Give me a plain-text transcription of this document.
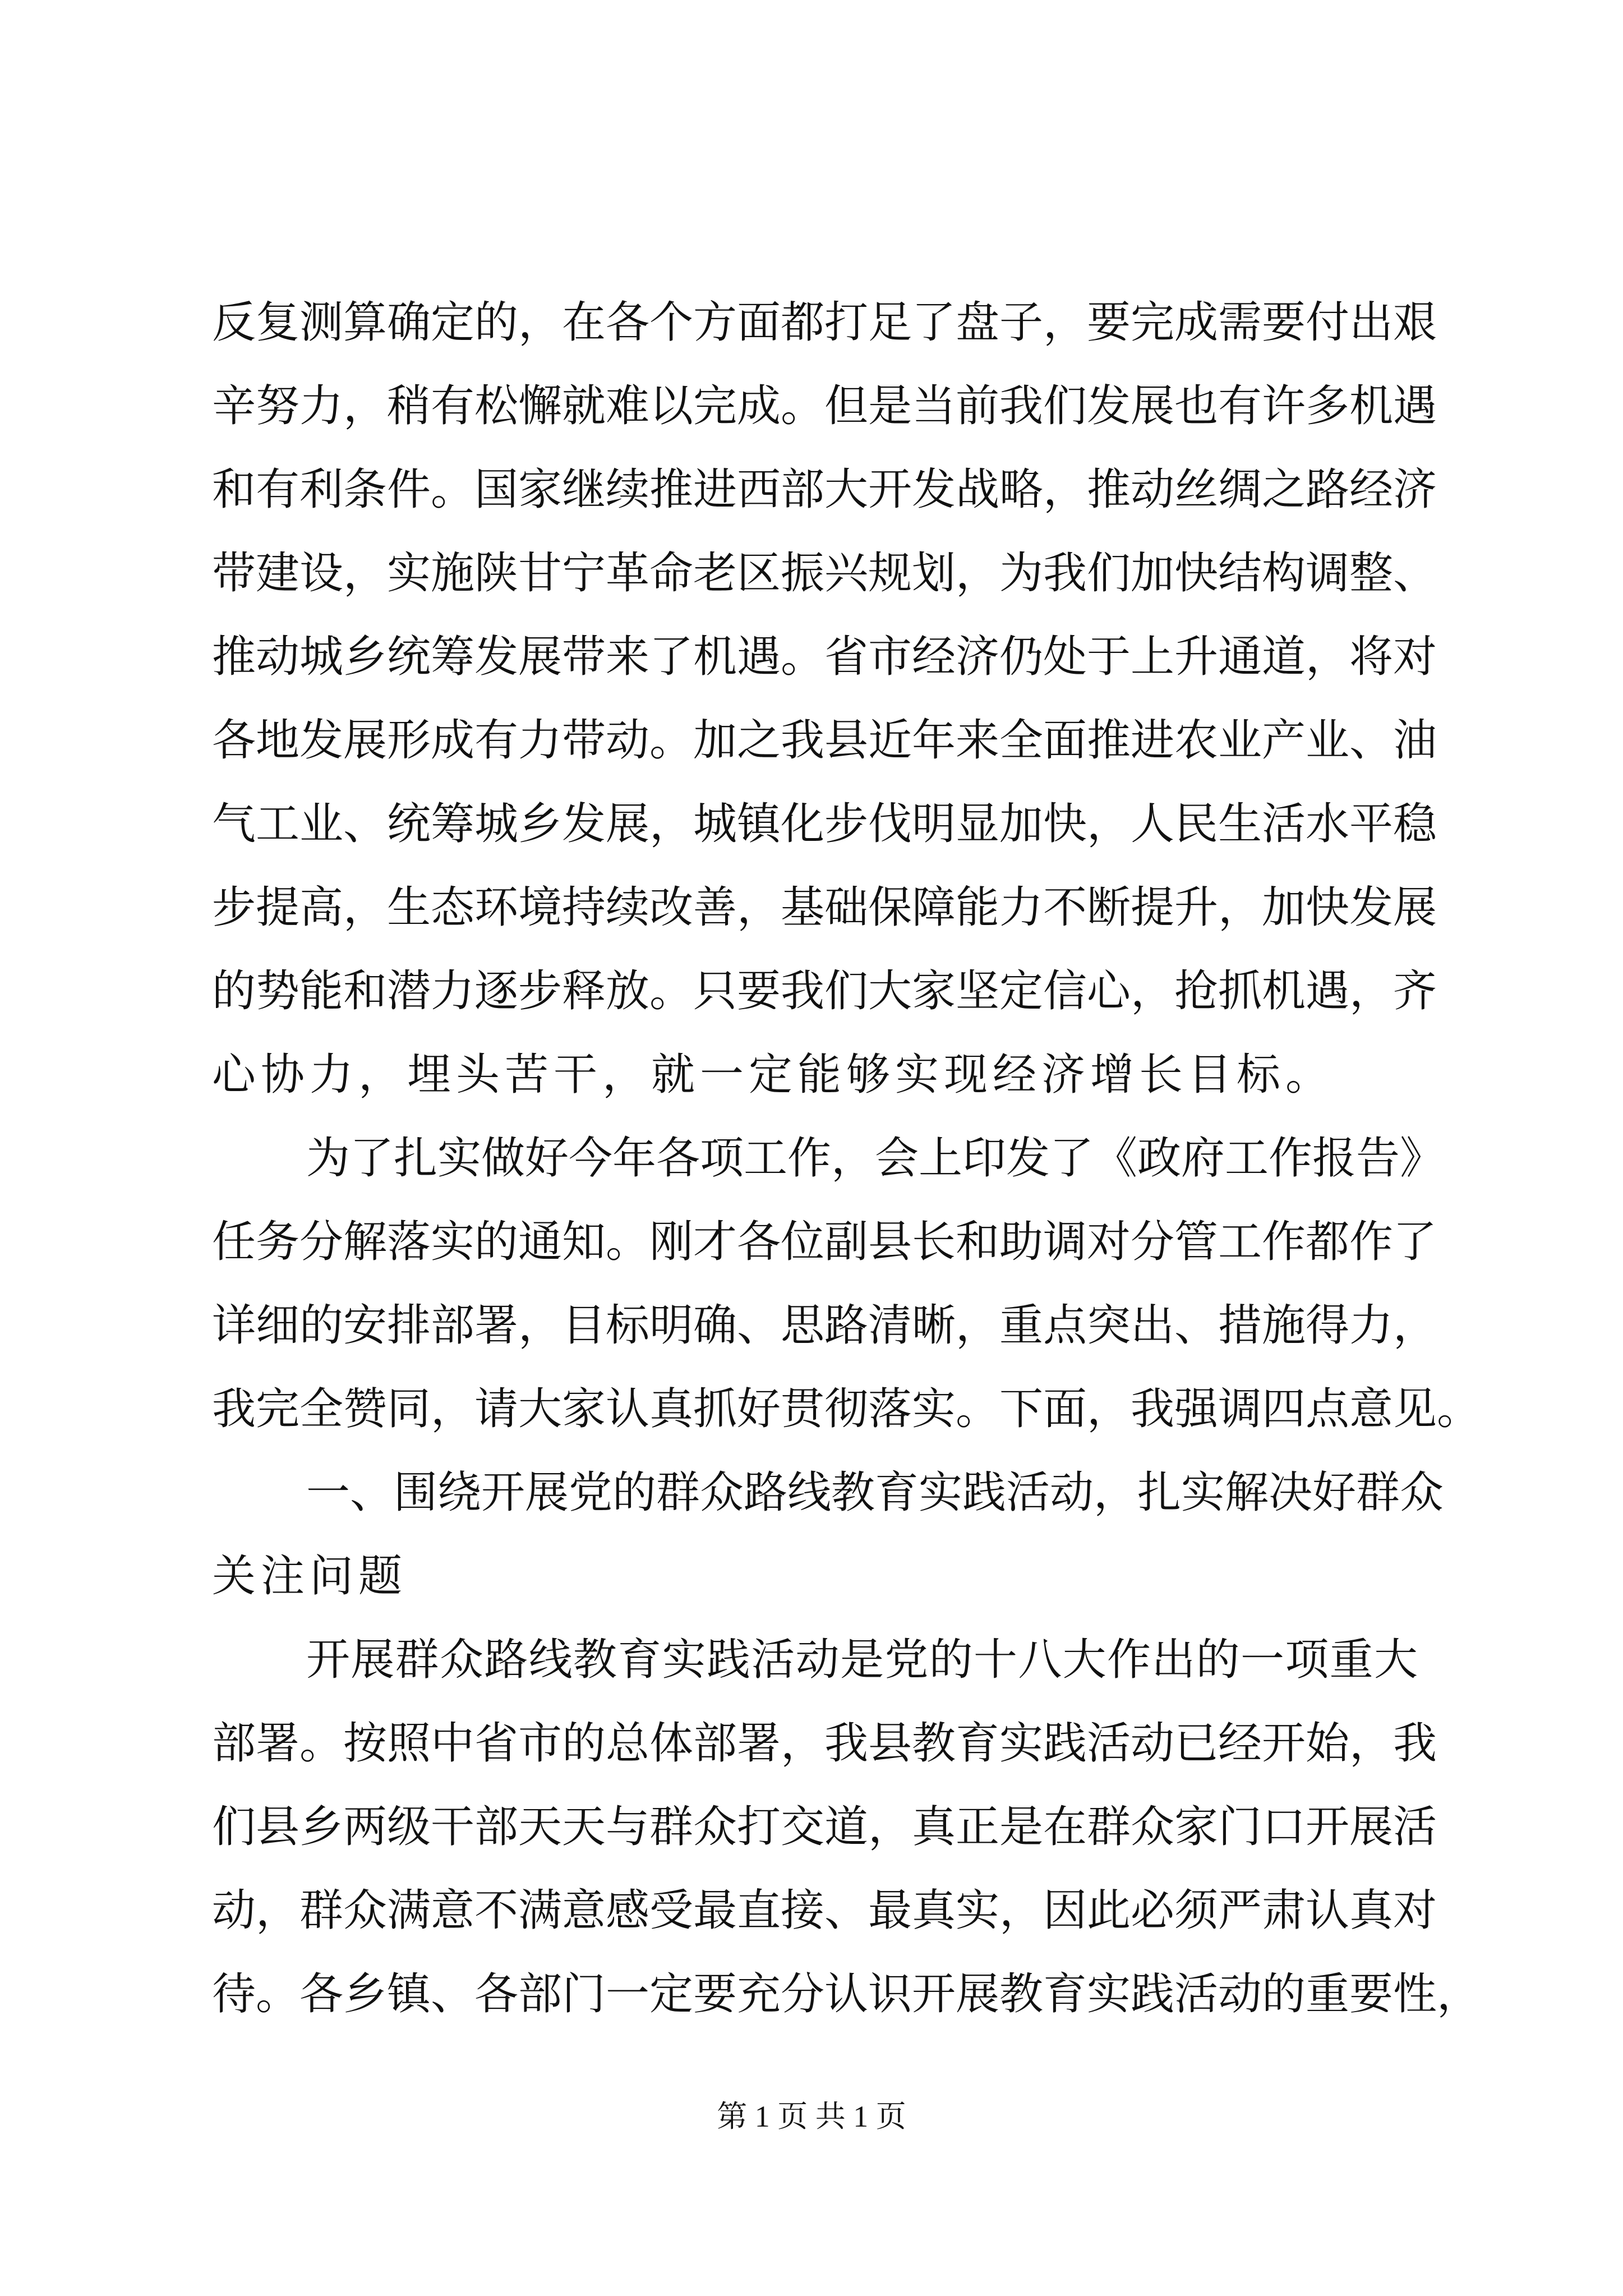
反复测算确定的，在各个方面都打足了盘子，要完成需要付出艰
辛努力，稍有松懈就难以完成。但是当前我们发展也有许多机遇
和有利条件。国家继续推进西部大开发战略，推动丝绸之路经济
带建设，实施陕甘宁革命老区振兴规划，为我们加快结构调整、
推动城乡统筹发展带来了机遇。省市经济仍处于上升通道，将对
各地发展形成有力带动。加之我县近年来全面推进农业产业、油
气工业、统筹城乡发展，城镇化步伐明显加快，人民生活水平稳
步提高，生态环境持续改善，基础保障能力不断提升，加快发展
的势能和潜力逐步释放。只要我们大家坚定信心，抢抓机遇，齐
心协力，埋头苦干，就一定能够实现经济增长目标。
为了扎实做好今年各项工作，会上印发了《政府工作报告》
任务分解落实的通知。刚才各位副县长和助调对分管工作都作了
详细的安排部署，目标明确、思路清晰，重点突出、措施得力，
我完全赞同，请大家认真抓好贯彻落实。下面，我强调四点意见。
一、围绕开展党的群众路线教育实践活动，扎实解决好群众
关注问题
开展群众路线教育实践活动是党的十八大作出的一项重大
部署。按照中省市的总体部署，我县教育实践活动已经开始，我
们县乡两级干部天天与群众打交道，真正是在群众家门口开展活
动，群众满意不满意感受最直接、最真实，因此必须严肃认真对
待。各乡镇、各部门一定要充分认识开展教育实践活动的重要性，
第 1 页 共 1 页
